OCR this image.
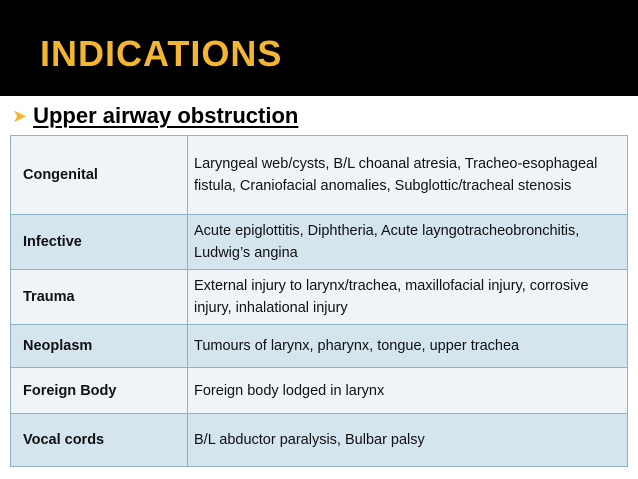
INDICATIONS
➤ Upper airway obstruction
Congenital	Laryngeal web/cysts, B/L choanal atresia, Tracheo-esophageal fistula, Craniofacial anomalies, Subglottic/tracheal stenosis
Infective	Acute epiglottitis, Diphtheria, Acute layngotracheobronchitis, Ludwig’s angina
Trauma	External injury to larynx/trachea, maxillofacial injury, corrosive injury, inhalational injury
Neoplasm	Tumours of larynx, pharynx, tongue, upper trachea
Foreign Body	Foreign body lodged in larynx
Vocal cords	B/L abductor paralysis, Bulbar palsy
